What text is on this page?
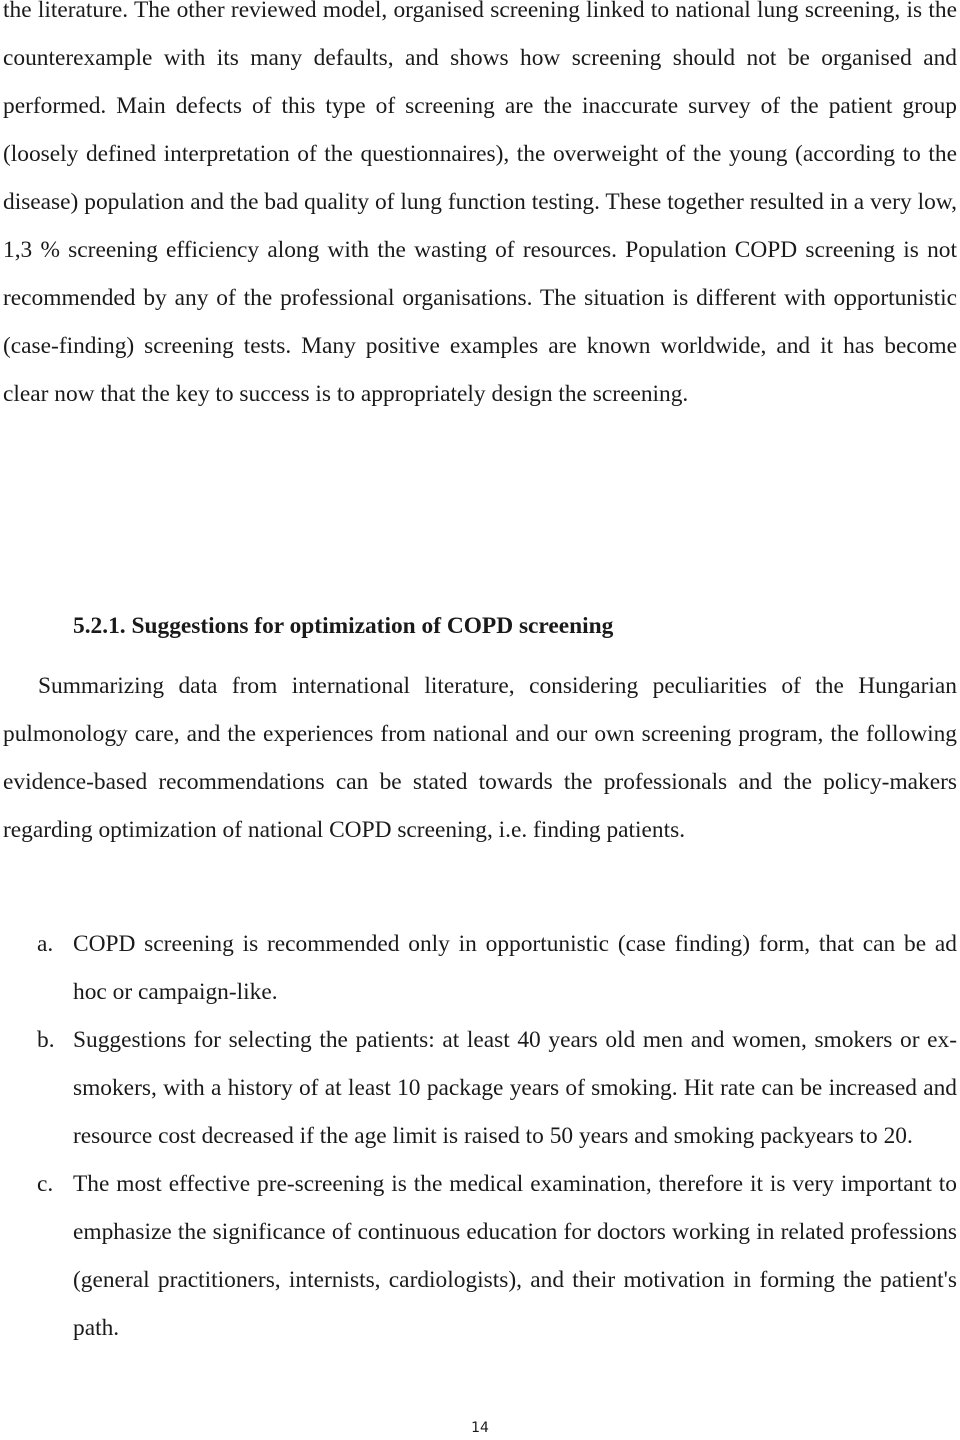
the literature. The other reviewed model, organised screening linked to national lung screening, is the counterexample with its many defaults, and shows how screening should not be organised and performed. Main defects of this type of screening are the inaccurate survey of the patient group (loosely defined interpretation of the questionnaires), the overweight of the young (according to the disease) population and the bad quality of lung function testing. These together resulted in a very low, 1,3 % screening efficiency along with the wasting of resources. Population COPD screening is not recommended by any of the professional organisations. The situation is different with opportunistic (case-finding) screening tests. Many positive examples are known worldwide, and it has become clear now that the key to success is to appropriately design the screening.

5.2.1. Suggestions for optimization of COPD screening

Summarizing data from international literature, considering peculiarities of the Hungarian pulmonology care, and the experiences from national and our own screening program, the following evidence-based recommendations can be stated towards the professionals and the policy-makers regarding optimization of national COPD screening, i.e. finding patients.

a. COPD screening is recommended only in opportunistic (case finding) form, that can be ad hoc or campaign-like.
b. Suggestions for selecting the patients: at least 40 years old men and women, smokers or ex-smokers, with a history of at least 10 package years of smoking. Hit rate can be increased and resource cost decreased if the age limit is raised to 50 years and smoking packyears to 20.
c. The most effective pre-screening is the medical examination, therefore it is very important to emphasize the significance of continuous education for doctors working in related professions (general practitioners, internists, cardiologists), and their motivation in forming the patient's path.
14
